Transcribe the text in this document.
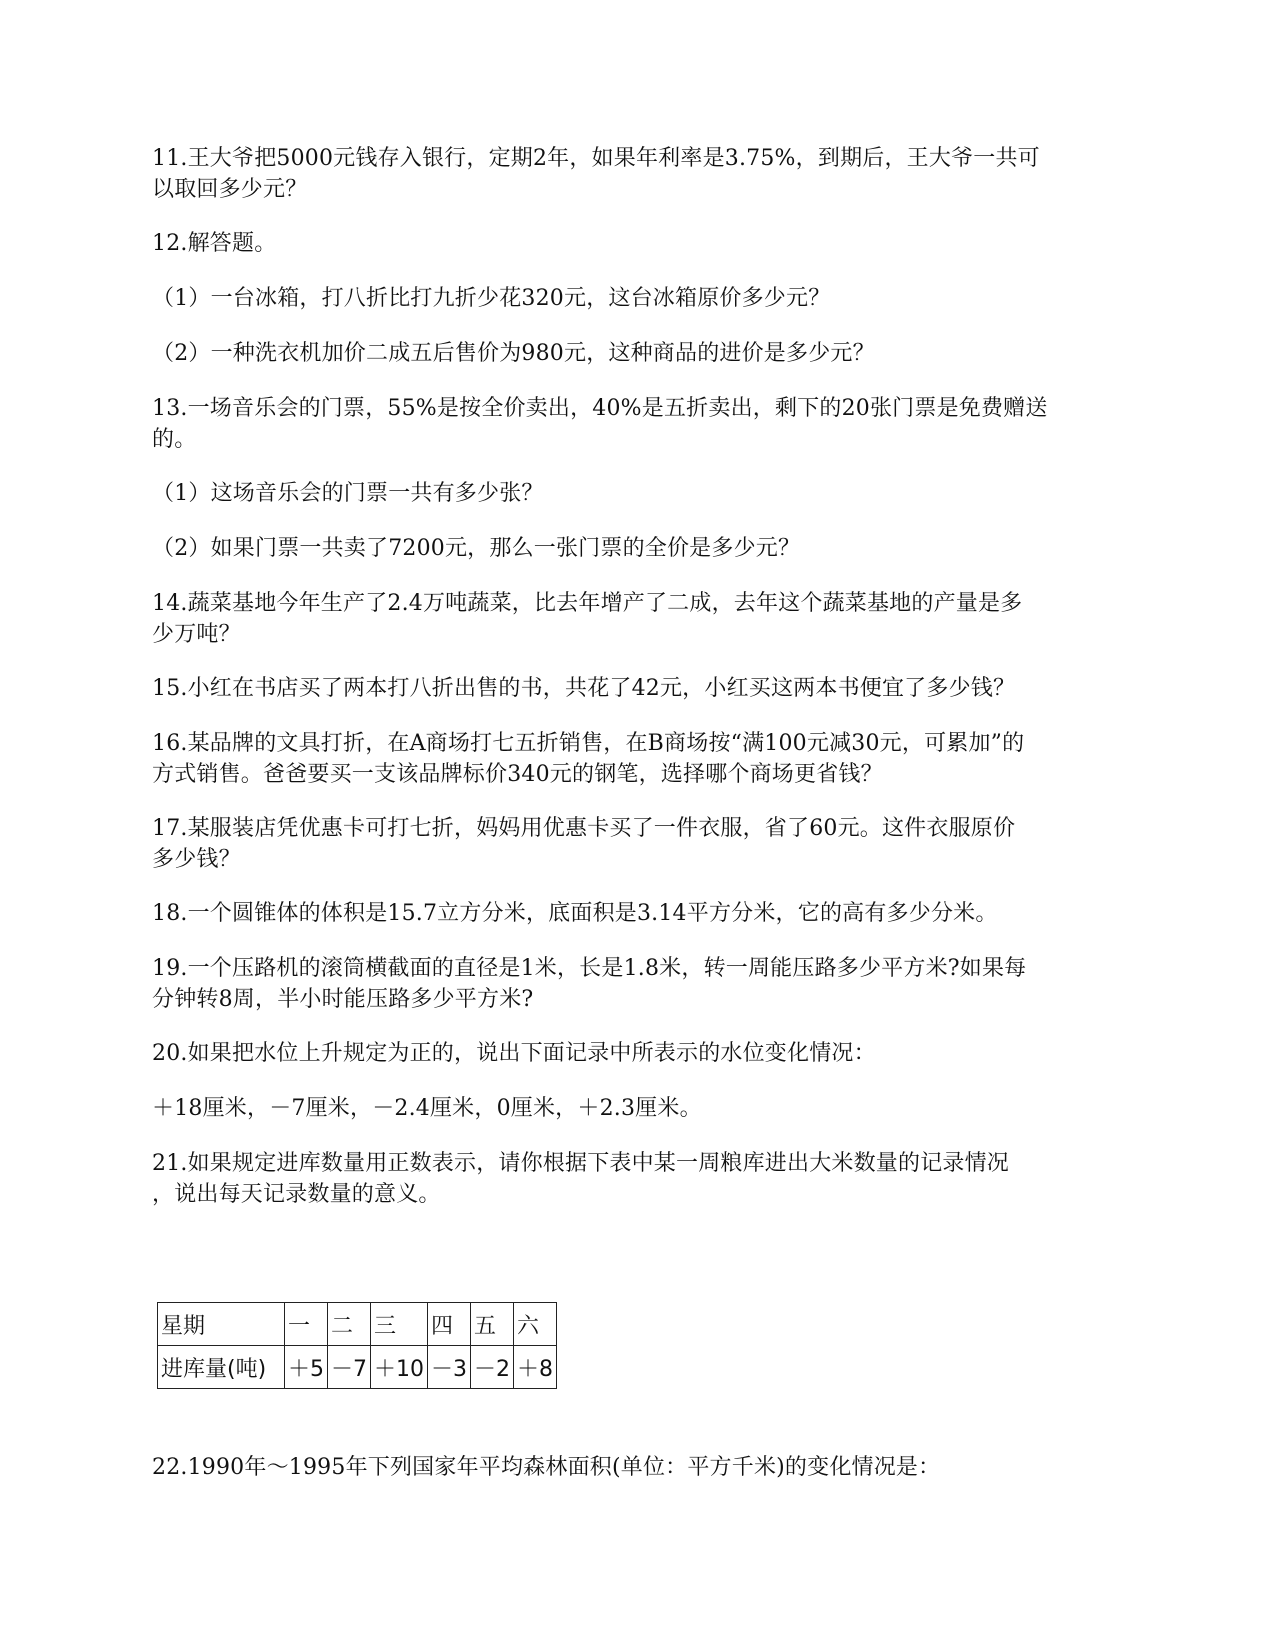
11.王大爷把5000元钱存入银行，定期2年，如果年利率是3.75%，到期后，王大爷一共可
以取回多少元？
12.解答题。
（1）一台冰箱，打八折比打九折少花320元，这台冰箱原价多少元？
（2）一种洗衣机加价二成五后售价为980元，这种商品的进价是多少元？
13.一场音乐会的门票，55%是按全价卖出，40%是五折卖出，剩下的20张门票是免费赠送
的。
（1）这场音乐会的门票一共有多少张？
（2）如果门票一共卖了7200元，那么一张门票的全价是多少元？
14.蔬菜基地今年生产了2.4万吨蔬菜，比去年增产了二成，去年这个蔬菜基地的产量是多
少万吨？
15.小红在书店买了两本打八折出售的书，共花了42元，小红买这两本书便宜了多少钱？
16.某品牌的文具打折，在A商场打七五折销售，在B商场按“满100元减30元，可累加”的
方式销售。爸爸要买一支该品牌标价340元的钢笔，选择哪个商场更省钱？
17.某服装店凭优惠卡可打七折，妈妈用优惠卡买了一件衣服，省了60元。这件衣服原价
多少钱？
18.一个圆锥体的体积是15.7立方分米，底面积是3.14平方分米，它的高有多少分米。
19.一个压路机的滚筒横截面的直径是1米，长是1.8米，转一周能压路多少平方米?如果每
分钟转8周，半小时能压路多少平方米?
20.如果把水位上升规定为正的，说出下面记录中所表示的水位变化情况：
＋18厘米，－7厘米，－2.4厘米，0厘米，＋2.3厘米。
21.如果规定进库数量用正数表示，请你根据下表中某一周粮库进出大米数量的记录情况
，说出每天记录数量的意义。
星期	一	二	三	四	五	六
进库量(吨)	＋5	－7	＋10	－3	－2	＋8
22.1990年～1995年下列国家年平均森林面积(单位：平方千米)的变化情况是：
